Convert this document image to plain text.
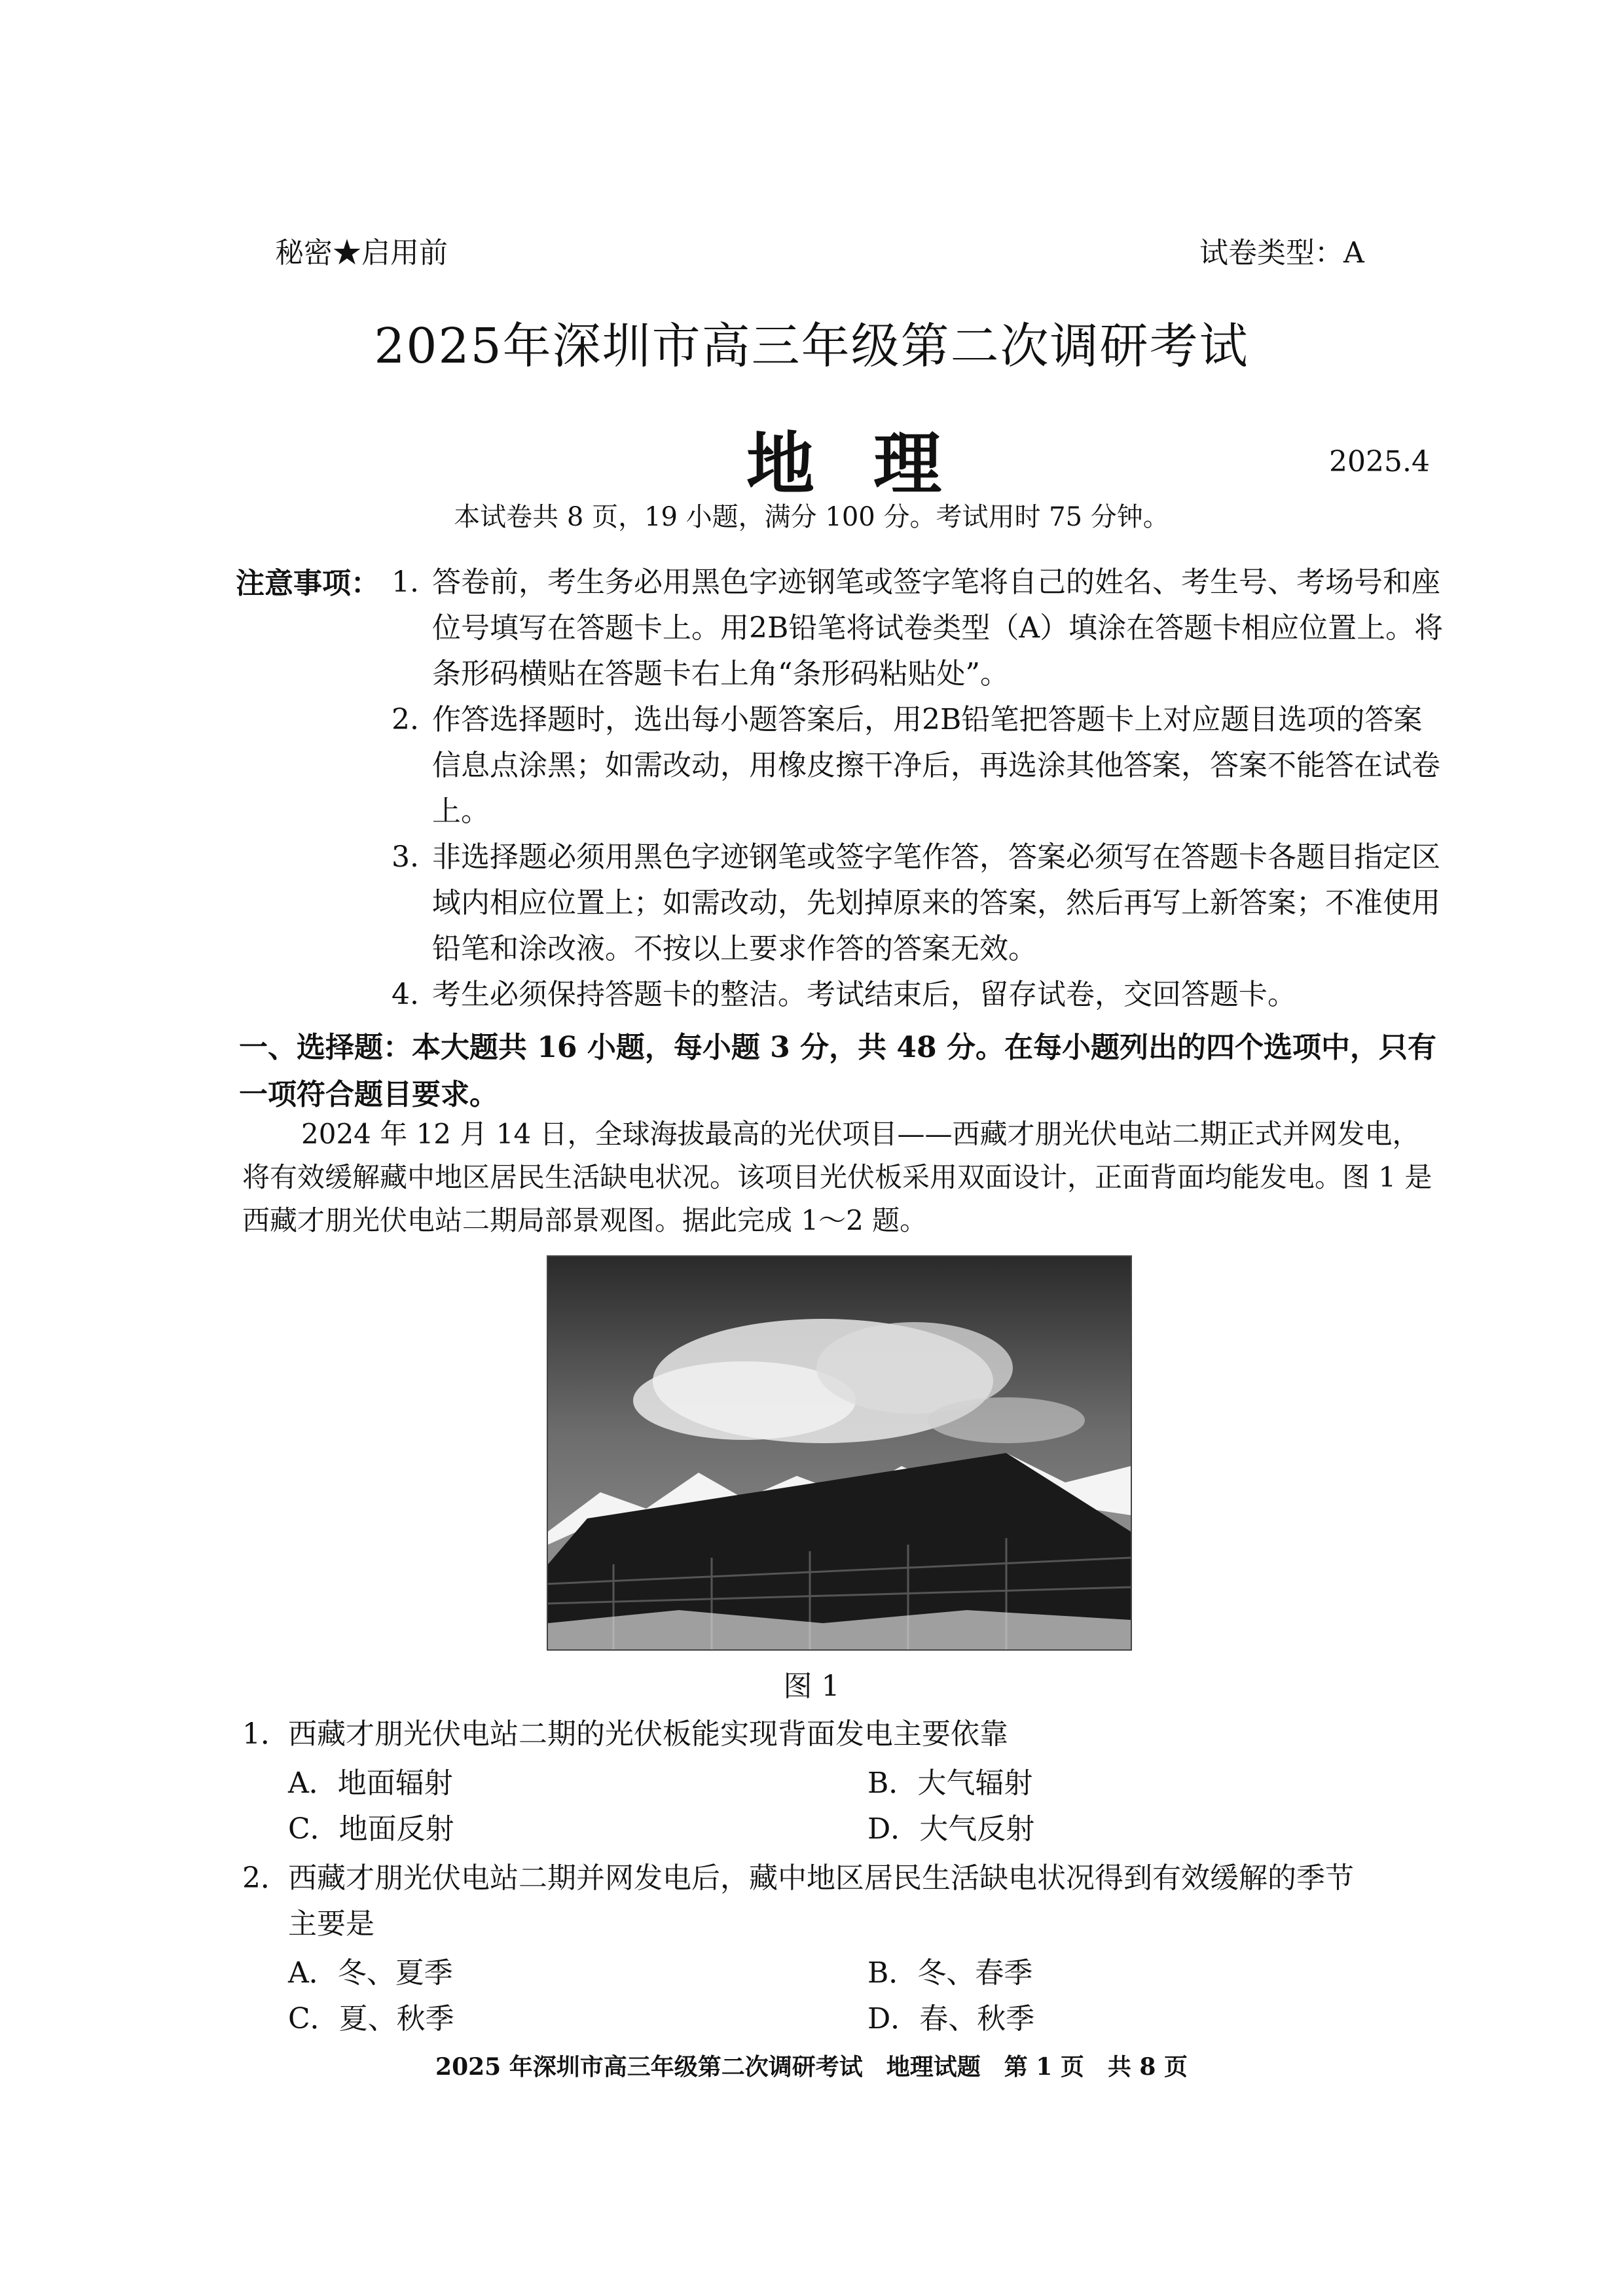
秘密★启用前	试卷类型：A
2025年深圳市高三年级第二次调研考试
地理	2025.4
本试卷共 8 页，19 小题，满分 100 分。考试用时 75 分钟。
注意事项： 1. 答卷前，考生务必用黑色字迹钢笔或签字笔将自己的姓名、考生号、考场号和座位号填写在答题卡上。用2B铅笔将试卷类型（A）填涂在答题卡相应位置上。将条形码横贴在答题卡右上角“条形码粘贴处”。
2. 作答选择题时，选出每小题答案后，用2B铅笔把答题卡上对应题目选项的答案信息点涂黑；如需改动，用橡皮擦干净后，再选涂其他答案，答案不能答在试卷上。
3. 非选择题必须用黑色字迹钢笔或签字笔作答，答案必须写在答题卡各题目指定区域内相应位置上；如需改动，先划掉原来的答案，然后再写上新答案；不准使用铅笔和涂改液。不按以上要求作答的答案无效。
4. 考生必须保持答题卡的整洁。考试结束后，留存试卷，交回答题卡。
一、选择题：本大题共 16 小题，每小题 3 分，共 48 分。在每小题列出的四个选项中，只有一项符合题目要求。
2024 年 12 月 14 日，全球海拔最高的光伏项目——西藏才朋光伏电站二期正式并网发电，将有效缓解藏中地区居民生活缺电状况。该项目光伏板采用双面设计，正面背面均能发电。图 1 是西藏才朋光伏电站二期局部景观图。据此完成 1～2 题。
图 1
1．
西藏才朋光伏电站二期的光伏板能实现背面发电主要依靠
A．地面辐射	B．大气辐射
C．地面反射	D．大气反射
2．
西藏才朋光伏电站二期并网发电后，藏中地区居民生活缺电状况得到有效缓解的季节
主要是
A．冬、夏季	B．冬、春季
C．夏、秋季	D．春、秋季
2025 年深圳市高三年级第二次调研考试　地理试题　第 1 页　共 8 页
